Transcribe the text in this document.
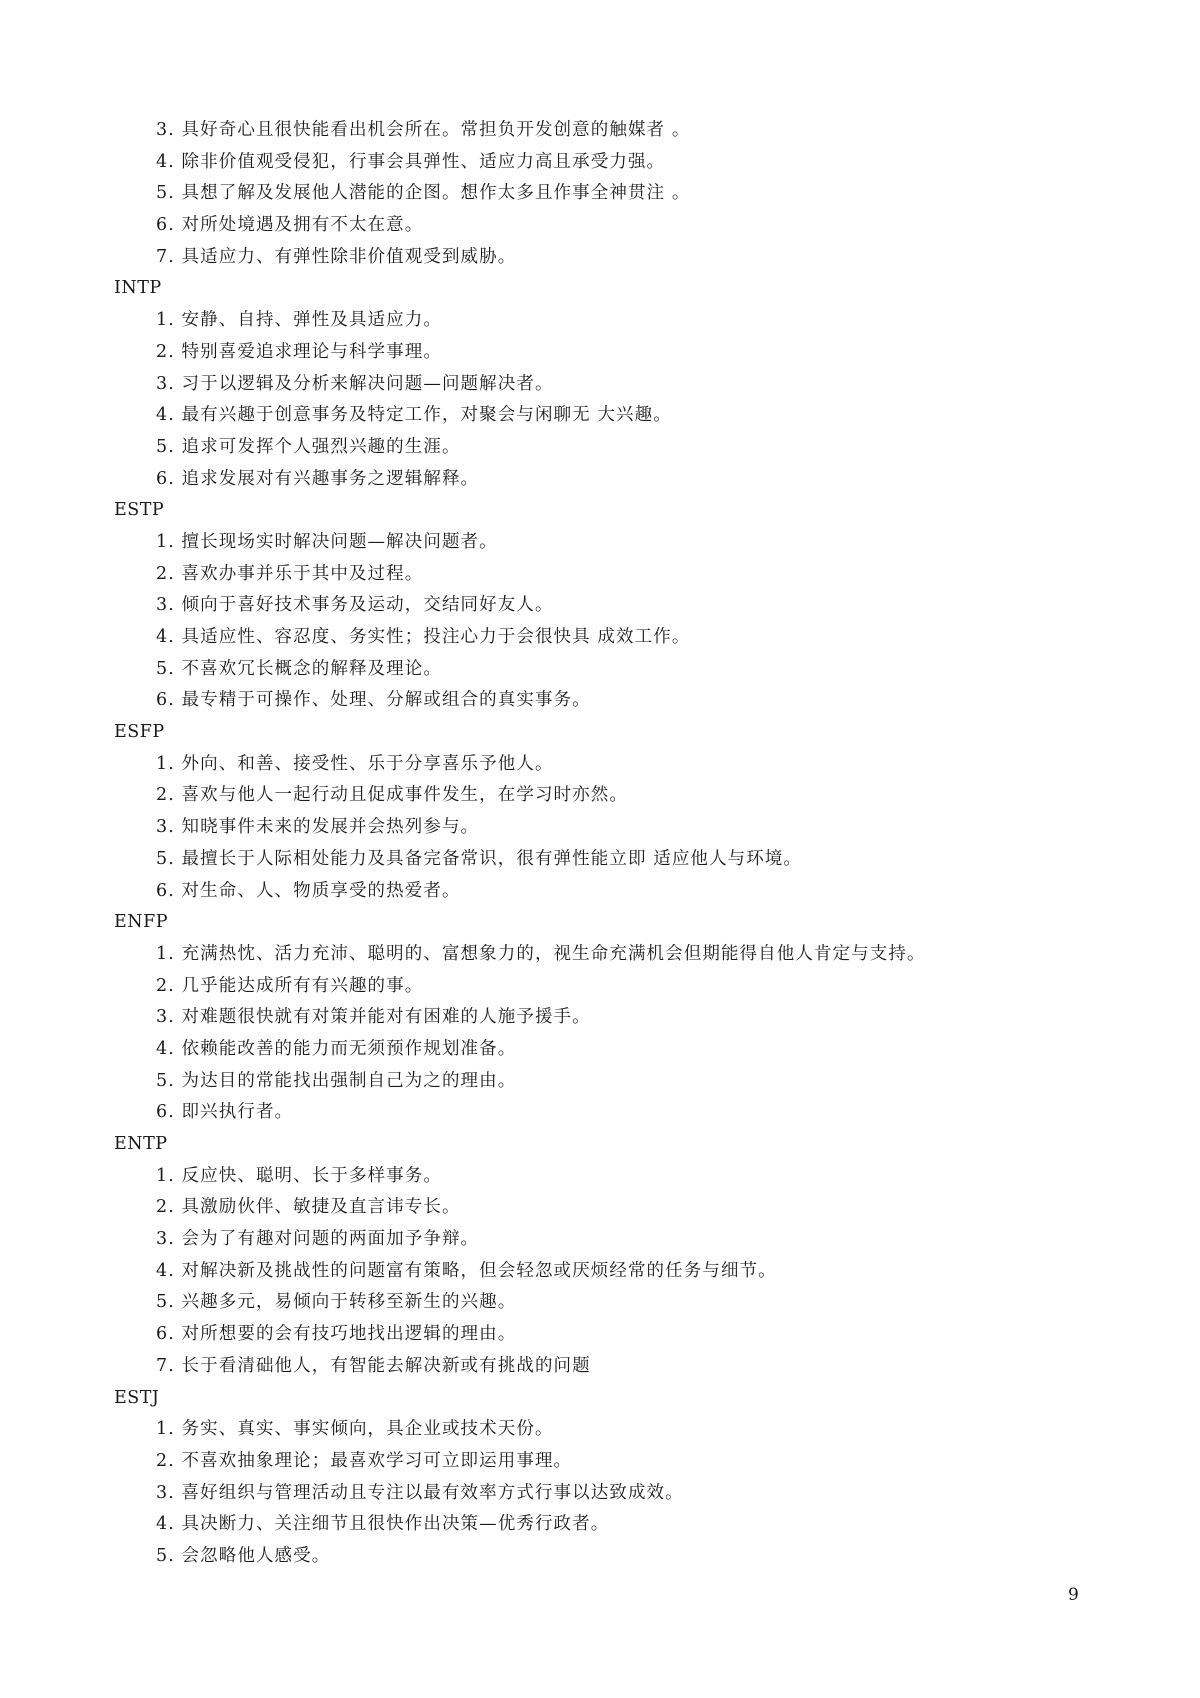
3. 具好奇心且很快能看出机会所在。常担负开发创意的触媒者 。
4. 除非价值观受侵犯，行事会具弹性、适应力高且承受力强。
5. 具想了解及发展他人潜能的企图。想作太多且作事全神贯注 。
6. 对所处境遇及拥有不太在意。
7. 具适应力、有弹性除非价值观受到威胁。
INTP
1. 安静、自持、弹性及具适应力。
2. 特别喜爱追求理论与科学事理。
3. 习于以逻辑及分析来解决问题—问题解决者。
4. 最有兴趣于创意事务及特定工作，对聚会与闲聊无 大兴趣。
5. 追求可发挥个人强烈兴趣的生涯。
6. 追求发展对有兴趣事务之逻辑解释。
ESTP
1. 擅长现场实时解决问题—解决问题者。
2. 喜欢办事并乐于其中及过程。
3. 倾向于喜好技术事务及运动，交结同好友人。
4. 具适应性、容忍度、务实性；投注心力于会很快具 成效工作。
5. 不喜欢冗长概念的解释及理论。
6. 最专精于可操作、处理、分解或组合的真实事务。
ESFP
1. 外向、和善、接受性、乐于分享喜乐予他人。
2. 喜欢与他人一起行动且促成事件发生，在学习时亦然。
3. 知晓事件未来的发展并会热列参与。
5. 最擅长于人际相处能力及具备完备常识，很有弹性能立即 适应他人与环境。
6. 对生命、人、物质享受的热爱者。
ENFP
1. 充满热忱、活力充沛、聪明的、富想象力的，视生命充满机会但期能得自他人肯定与支持。
2. 几乎能达成所有有兴趣的事。
3. 对难题很快就有对策并能对有困难的人施予援手。
4. 依赖能改善的能力而无须预作规划准备。
5. 为达目的常能找出强制自己为之的理由。
6. 即兴执行者。
ENTP
1. 反应快、聪明、长于多样事务。
2. 具激励伙伴、敏捷及直言讳专长。
3. 会为了有趣对问题的两面加予争辩。
4. 对解决新及挑战性的问题富有策略，但会轻忽或厌烦经常的任务与细节。
5. 兴趣多元，易倾向于转移至新生的兴趣。
6. 对所想要的会有技巧地找出逻辑的理由。
7. 长于看清础他人，有智能去解决新或有挑战的问题
ESTJ
1. 务实、真实、事实倾向，具企业或技术天份。
2. 不喜欢抽象理论；最喜欢学习可立即运用事理。
3. 喜好组织与管理活动且专注以最有效率方式行事以达致成效。
4. 具决断力、关注细节且很快作出决策—优秀行政者。
5. 会忽略他人感受。
9
